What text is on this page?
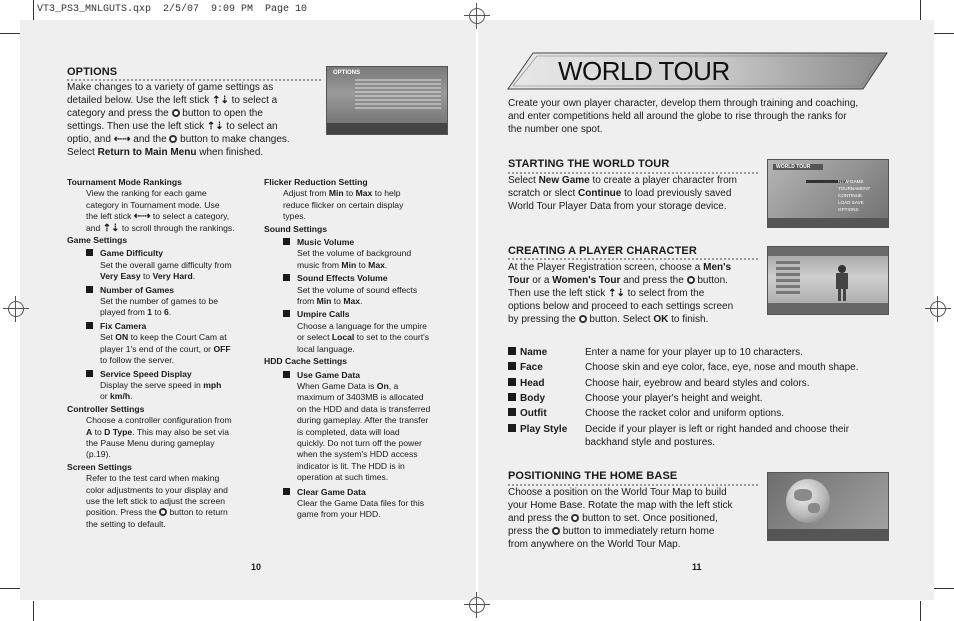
VT3_PS3_MNLGUTS.qxp  2/5/07  9:09 PM  Page 10
OPTIONS
Make changes to a variety of game settings as
detailed below. Use the left stick ⇡⇣ to select a
category and press the  button to open the
settings. Then use the left stick ⇡⇣ to select an
optio, and ⇠⇢ and the  button to make changes.
Select Return to Main Menu when finished.
OPTIONS
Tournament Mode Rankings
View the ranking for each game
category in Tournament mode. Use
the left stick ⇠⇢ to select a category,
and ⇡⇣ to scroll through the rankings.
Game Settings
Game Difficulty
Set the overall game difficulty from
Very Easy to Very Hard.
Number of Games
Set the number of games to be
played from 1 to 6.
Fix Camera
Set ON to keep the Court Cam at
player 1's end of the court, or OFF
to follow the server.
Service Speed Display
Display the serve speed in mph
or km/h.
Controller Settings
Choose a controller configuration from
A to D Type. This may also be set via
the Pause Menu during gameplay
(p.19).
Screen Settings
Refer to the test card when making
color adjustments to your display and
use the left stick to adjust the screen
position. Press the  button to return
the setting to default.
Flicker Reduction Setting
Adjust from Min to Max to help
reduce flicker on certain display
types.
Sound Settings
Music Volume
Set the volume of background
music from Min to Max.
Sound Effects Volume
Set the volume of sound effects
from Min to Max.
Umpire Calls
Choose a language for the umpire
or select Local to set to the court's
local language.
HDD Cache Settings
Use Game Data
When Game Data is On, a
maximum of 3403MB is allocated
on the HDD and data is transferred
during gameplay. After the transfer
is completed, data will load
quickly. Do not turn off the power
when the system's HDD access
indicator is lit. The HDD is in
operation at such times.
Clear Game Data
Clear the Game Data files for this
game from your HDD.
10
WORLD TOUR
Create your own player character, develop them through training and coaching,
and enter competitions held all around the globe to rise through the ranks for
the number one spot.
STARTING THE WORLD TOUR
Select New Game to create a player character from
scratch or slect Continue to load previously saved
World Tour Player Data from your storage device.
WORLD TOUR
NEW GAME
TOURNAMENT
CONTINUE
LOAD SAVE
OPTIONS
CREATING A PLAYER CHARACTER
At the Player Registration screen, choose a Men's
Tour or a Women's Tour and press the  button.
Then use the left stick ⇡⇣ to select from the
options below and proceed to each settings screen
by pressing the  button. Select OK to finish.
Name	Enter a name for your player up to 10 characters.
Face	Choose skin and eye color, face, eye, nose and mouth shape.
Head	Choose hair, eyebrow and beard styles and colors.
Body	Choose your player's height and weight.
Outfit	Choose the racket color and uniform options.
Play Style	Decide if your player is left or right handed and choose their
backhand style and postures.
POSITIONING THE HOME BASE
Choose a position on the World Tour Map to build
your Home Base. Rotate the map with the left stick
and press the  button to set. Once positioned,
press the  button to immediately return home
from anywhere on the World Tour Map.
11
